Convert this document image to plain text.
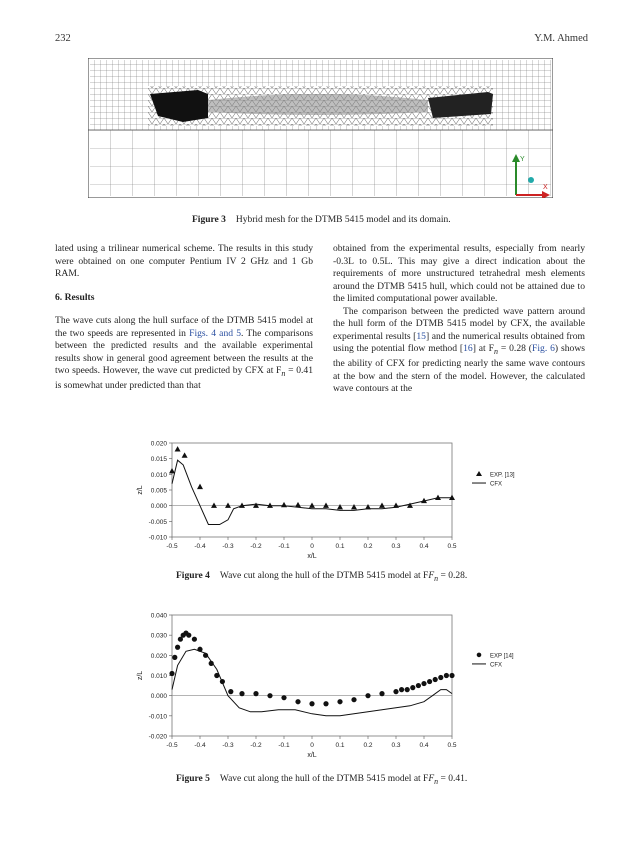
232	Y.M. Ahmed
Y
X
Figure 3 Hybrid mesh for the DTMB 5415 model and its domain.

lated using a trilinear numerical scheme. The results in this study were obtained on one computer Pentium IV 2 GHz and 1 Gb RAM.

6. Results

The wave cuts along the hull surface of the DTMB 5415 model at the two speeds are represented in Figs. 4 and 5. The comparisons between the predicted results and the available experimental results show in general good agreement between the results at the two speeds. However, the wave cut predicted by CFX at $F_n = 0.41$ is somewhat under predicted than that

obtained from the experimental results, especially from nearly -0.3L to 0.5L. This may give a direct indication about the requirements of more unstructured tetrahedral mesh elements around the DTMB 5415 hull, which could not be attained due to the limited computational power available.

The comparison between the predicted wave pattern around the hull form of the DTMB 5415 model by CFX, the available experimental results [15] and the numerical results obtained from using the potential flow method [16] at $F_n = 0.28$ (Fig. 6) shows the ability of CFX for predicting nearly the same wave contours at the bow and the stern of the model. However, the calculated wave contours at the

-0.010
-0.005
0.000
0.005
0.010
0.015
0.020
-0.5	-0.4	-0.3	-0.2	-0.1	0	0.1	0.2	0.3	0.4	0.5
x/L
z/L
EXP. [13]
CFX
Figure 4 Wave cut along the hull of the DTMB 5415 model at $FF_n = 0.28$.
-0.020
-0.010
0.000
0.010
0.020
0.030
0.040
-0.5	-0.4	-0.3	-0.2	-0.1	0	0.1	0.2	0.3	0.4	0.5
x/L
z/L
EXP [14]
CFX
Figure 5 Wave cut along the hull of the DTMB 5415 model at $FF_n = 0.41$.
